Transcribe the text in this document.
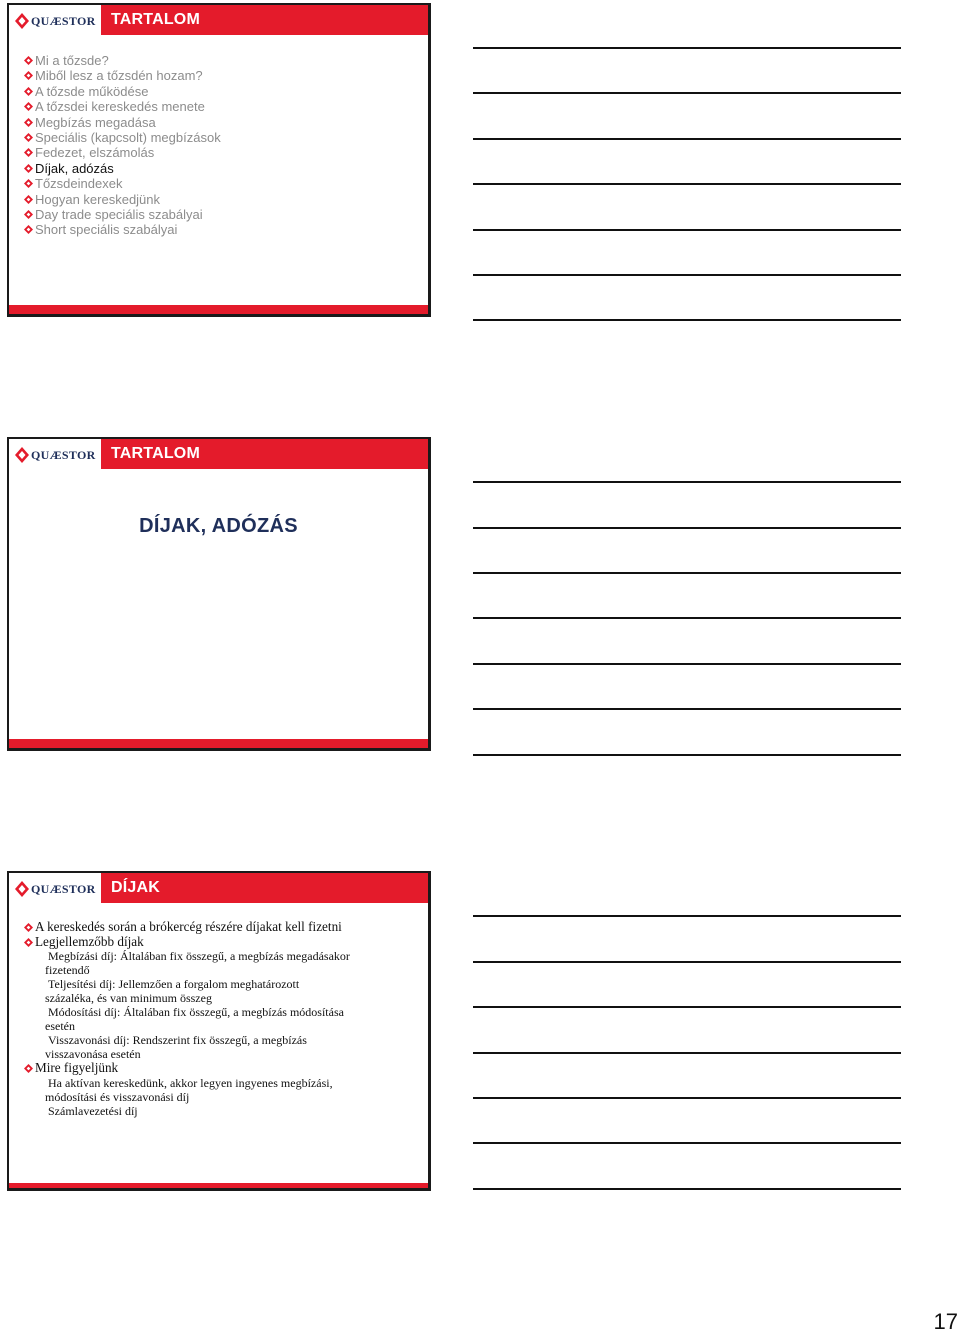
QUÆSTOR TARTALOM
Mi a tőzsde?
Miből lesz a tőzsdén hozam?
A tőzsde működése
A tőzsdei kereskedés menete
Megbízás megadása
Speciális (kapcsolt) megbízások
Fedezet, elszámolás
Díjak, adózás
Tőzsdeindexek
Hogyan kereskedjünk
Day trade speciális szabályai
Short speciális szabályai
QUÆSTOR TARTALOM
DÍJAK, ADÓZÁS
QUÆSTOR DÍJAK
A kereskedés során a brókercég részére díjakat kell fizetni
Legjellemzőbb díjak
Megbízási díj: Általában fix összegű, a megbízás megadásakor
fizetendő
Teljesítési díj: Jellemzően a forgalom meghatározott
százaléka, és van minimum összeg
Módosítási díj: Általában fix összegű, a megbízás módosítása
esetén
Visszavonási díj: Rendszerint fix összegű, a megbízás
visszavonása esetén
Mire figyeljünk
Ha aktívan kereskedünk, akkor legyen ingyenes megbízási,
módosítási és visszavonási díj
Számlavezetési díj
17
